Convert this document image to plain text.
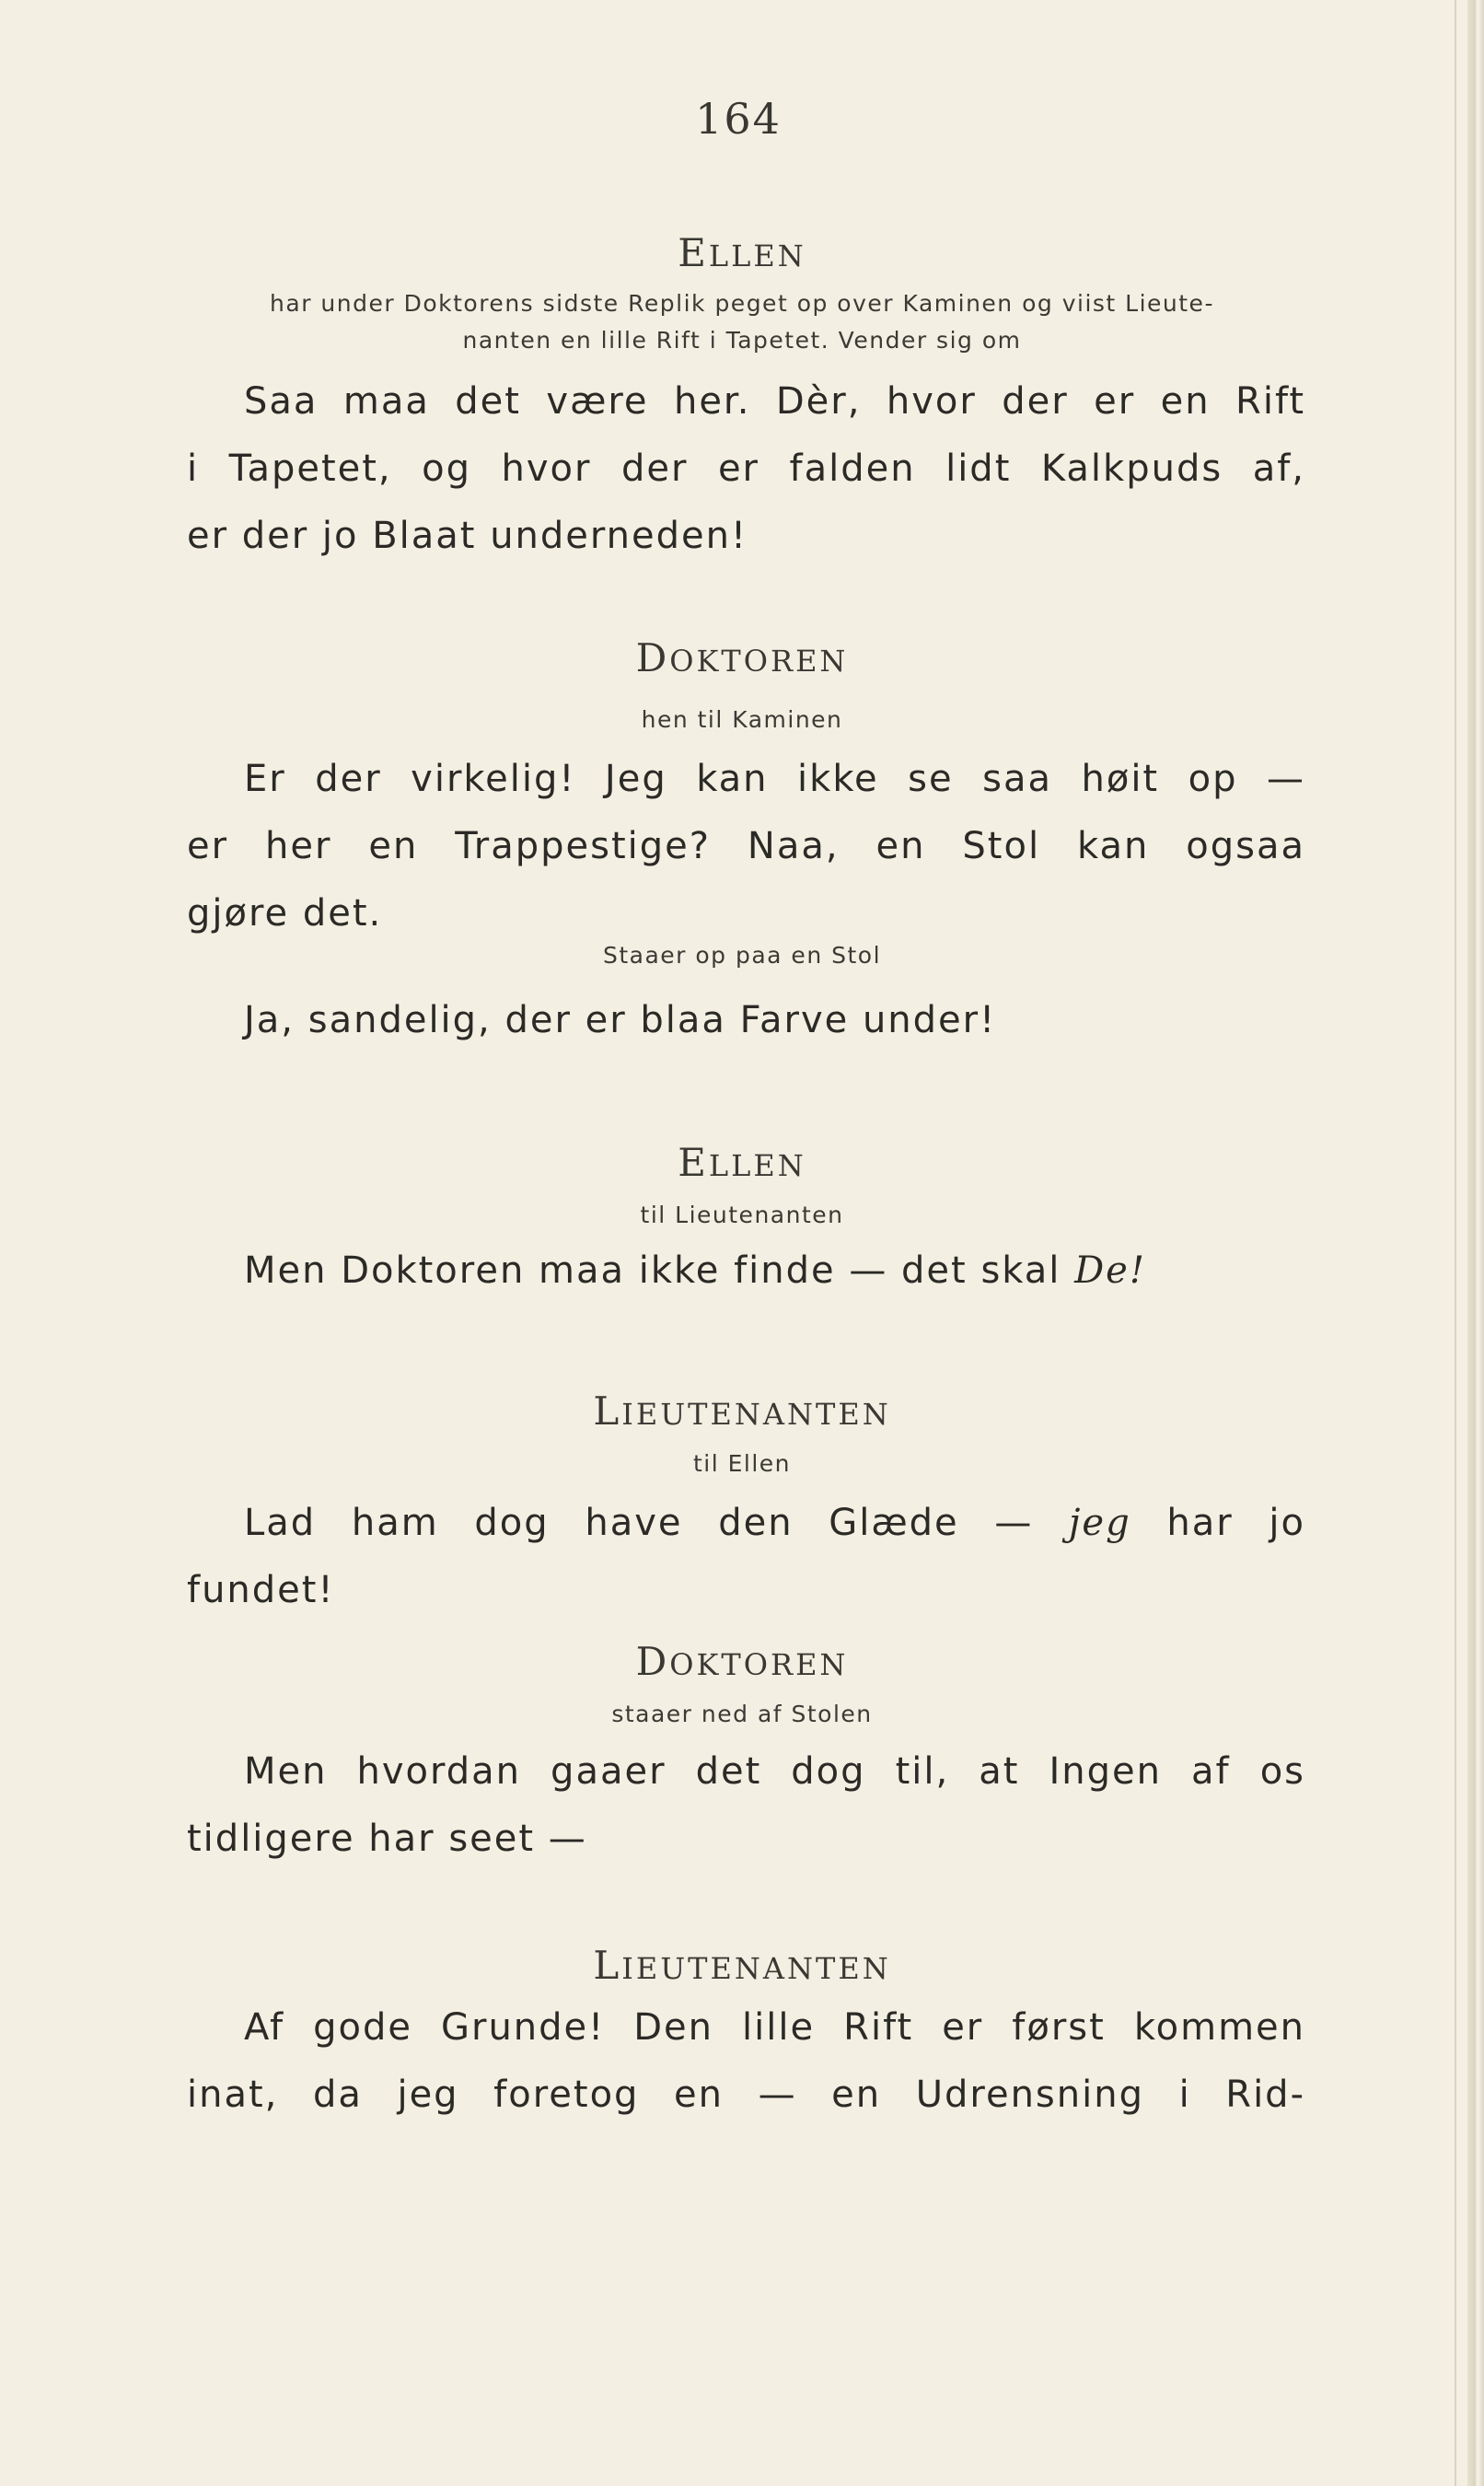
164
ELLEN
har under Doktorens sidste Replik peget op over Kaminen og viist Lieute-
nanten en lille Rift i Tapetet. Vender sig om
Saa maa det være her. Dèr, hvor der er en Rift
i Tapetet, og hvor der er falden lidt Kalkpuds af,
er der jo Blaat underneden!
DOKTOREN
hen til Kaminen
Er der virkelig! Jeg kan ikke se saa høit op —
er her en Trappestige? Naa, en Stol kan ogsaa
gjøre det.
Staaer op paa en Stol
Ja, sandelig, der er blaa Farve under!
ELLEN
til Lieutenanten
Men Doktoren maa ikke finde — det skal De!
LIEUTENANTEN
til Ellen
Lad ham dog have den Glæde — jeg har jo
fundet!
DOKTOREN
staaer ned af Stolen
Men hvordan gaaer det dog til, at Ingen af os
tidligere har seet —
LIEUTENANTEN
Af gode Grunde! Den lille Rift er først kommen
inat, da jeg foretog en — en Udrensning i Rid-
